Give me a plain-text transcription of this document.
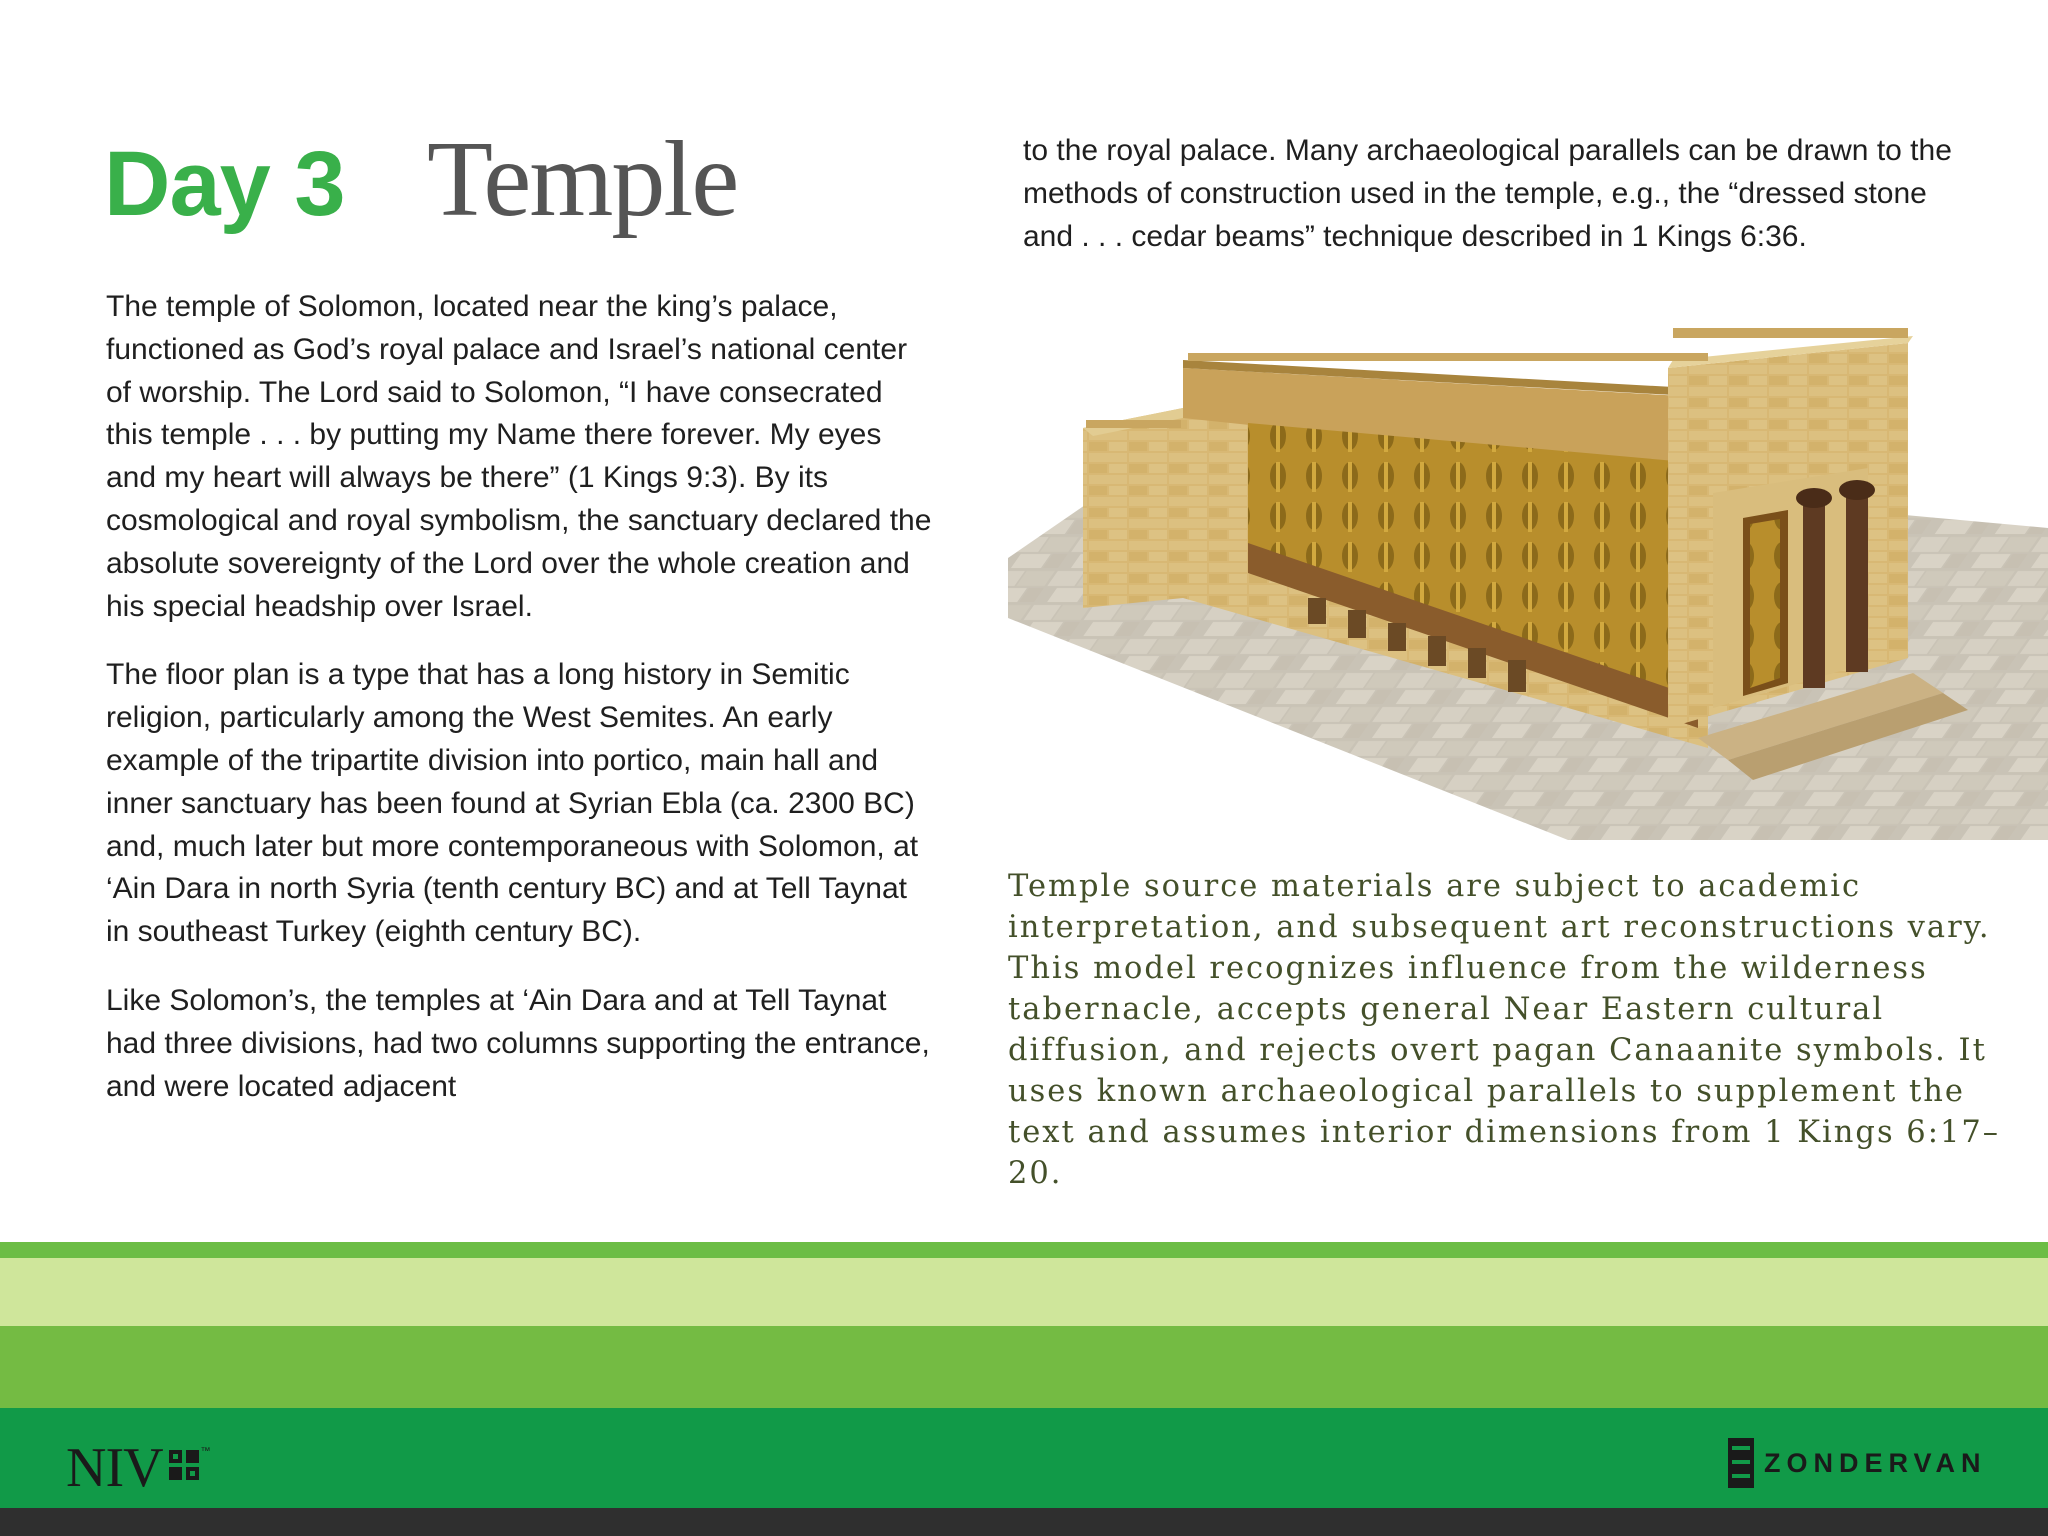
Day 3 Temple

The temple of Solomon, located near the king’s palace, functioned as God’s royal palace and Israel’s national center of worship. The Lord said to Solomon, “I have consecrated this temple . . . by putting my Name there forever. My eyes and my heart will always be there” (1 Kings 9:3). By its cosmological and royal symbolism, the sanctuary declared the absolute sovereignty of the Lord over the whole creation and his special headship over Israel.

The floor plan is a type that has a long history in Semitic religion, particularly among the West Semites. An early example of the tripartite division into portico, main hall and inner sanctuary has been found at Syrian Ebla (ca. 2300 BC) and, much later but more contemporaneous with Solomon, at ‘Ain Dara in north Syria (tenth century BC) and at Tell Taynat in southeast Turkey (eighth century BC).

Like Solomon’s, the temples at ‘Ain Dara and at Tell Taynat had three divisions, had two columns supporting the entrance, and were located adjacent

to the royal palace. Many archaeological parallels can be drawn to the methods of construction used in the temple, e.g., the “dressed stone and . . . cedar beams” technique described in 1 Kings 6:36.

Temple source materials are subject to academic interpretation, and subsequent art reconstructions vary. This model recognizes influence from the wilderness tabernacle, accepts general Near Eastern cultural diffusion, and rejects overt pagan Canaanite symbols. It uses known archaeological parallels to supplement the text and assumes interior dimensions from 1 Kings 6:17–20.

NIV	™	ZONDERVAN
